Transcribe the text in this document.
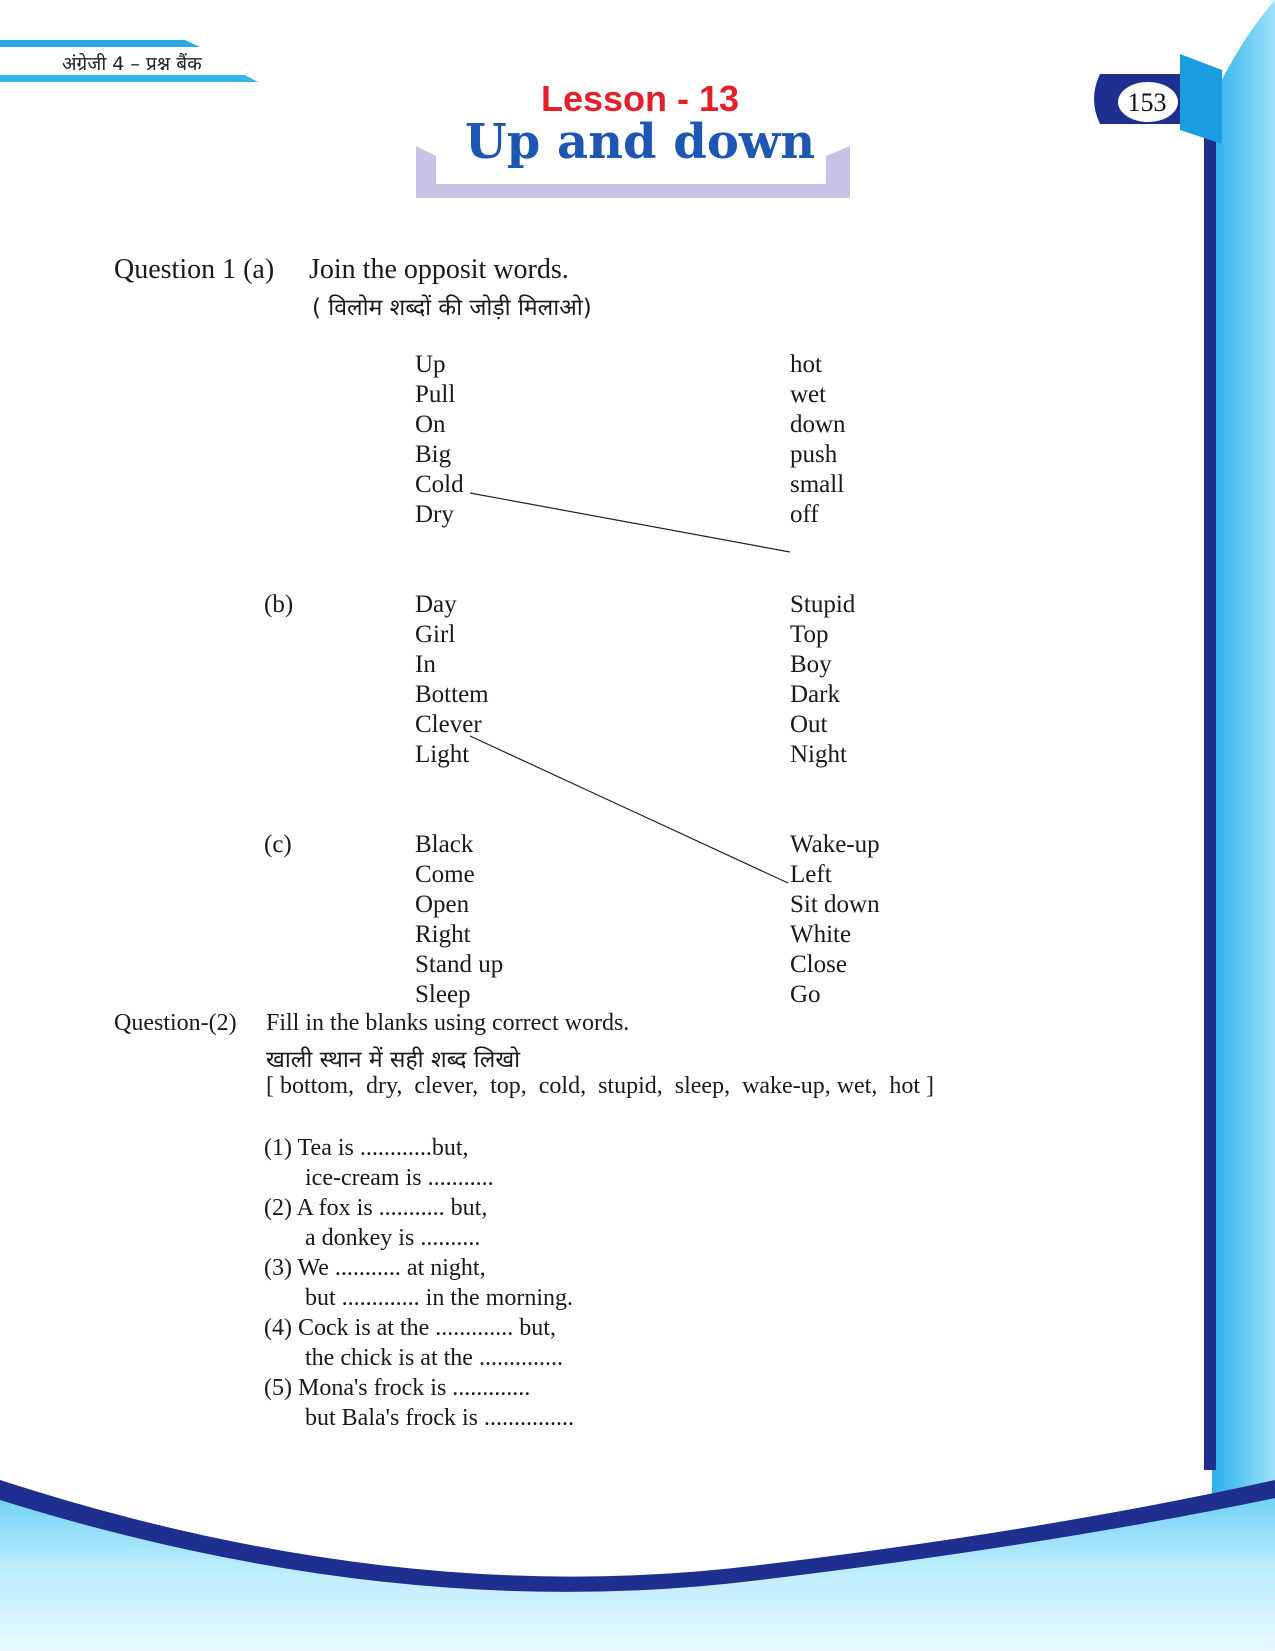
अंग्रेजी 4 – प्रश्न बैंक
153
Lesson - 13
Up and down
Question 1 (a) Join the opposit words.
( विलोम शब्दों की जोड़ी मिलाओ)
Up
Pull
On
Big
Cold
Dry
hot
wet
down
push
small
off
(b)	Day
Girl
In
Bottem
Clever
Light
Stupid
Top
Boy
Dark
Out
Night
(c)	Black
Come
Open
Right
Stand up
Sleep
Wake-up
Left
Sit down
White
Close
Go
Question-(2) Fill in the blanks using correct words.
खाली स्थान में सही शब्द लिखो
[ bottom,  dry,  clever,  top,  cold,  stupid,  sleep,  wake-up, wet,  hot ]
(1) Tea is ............but,
ice-cream is ...........
(2) A fox is ........... but,
a donkey is ..........
(3) We ........... at night,
but ............. in the morning.
(4) Cock is at the ............. but,
the chick is at the ..............
(5) Mona's frock is .............
but Bala's frock is ...............
